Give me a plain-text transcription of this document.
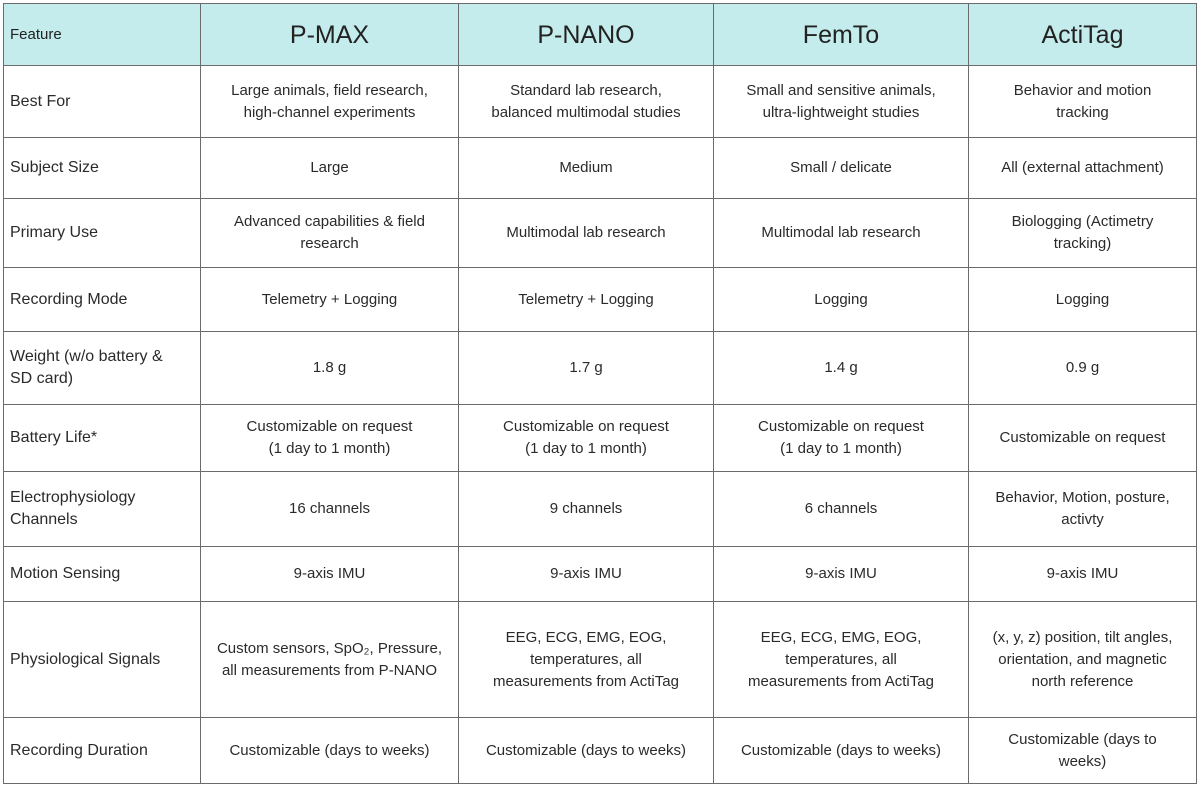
Feature	P-MAX	P-NANO	FemTo	ActiTag

Best For	Large animals, field research,
high-channel experiments	Standard lab research,
balanced multimodal studies	Small and sensitive animals,
ultra-lightweight studies	Behavior and motion
tracking

Subject Size	Large	Medium	Small / delicate	All (external attachment)

Primary Use	Advanced capabilities & field
research	Multimodal lab research	Multimodal lab research	Biologging (Actimetry
tracking)

Recording Mode	Telemetry + Logging	Telemetry + Logging	Logging	Logging

Weight (w/o battery &
SD card)	1.8 g	1.7 g	1.4 g	0.9 g

Battery Life*	Customizable on request
(1 day to 1 month)	Customizable on request
(1 day to 1 month)	Customizable on request
(1 day to 1 month)	Customizable on request

Electrophysiology
Channels	16 channels	9 channels	6 channels	Behavior, Motion, posture,
activty

Motion Sensing	9-axis IMU	9-axis IMU	9-axis IMU	9-axis IMU

Physiological Signals	Custom sensors, SpO₂, Pressure,
all measurements from P-NANO	EEG, ECG, EMG, EOG,
temperatures, all
measurements from ActiTag	EEG, ECG, EMG, EOG,
temperatures, all
measurements from ActiTag	(x, y, z) position, tilt angles,
orientation, and magnetic
north reference

Recording Duration	Customizable (days to weeks)	Customizable (days to weeks)	Customizable (days to weeks)	Customizable (days to
weeks)
